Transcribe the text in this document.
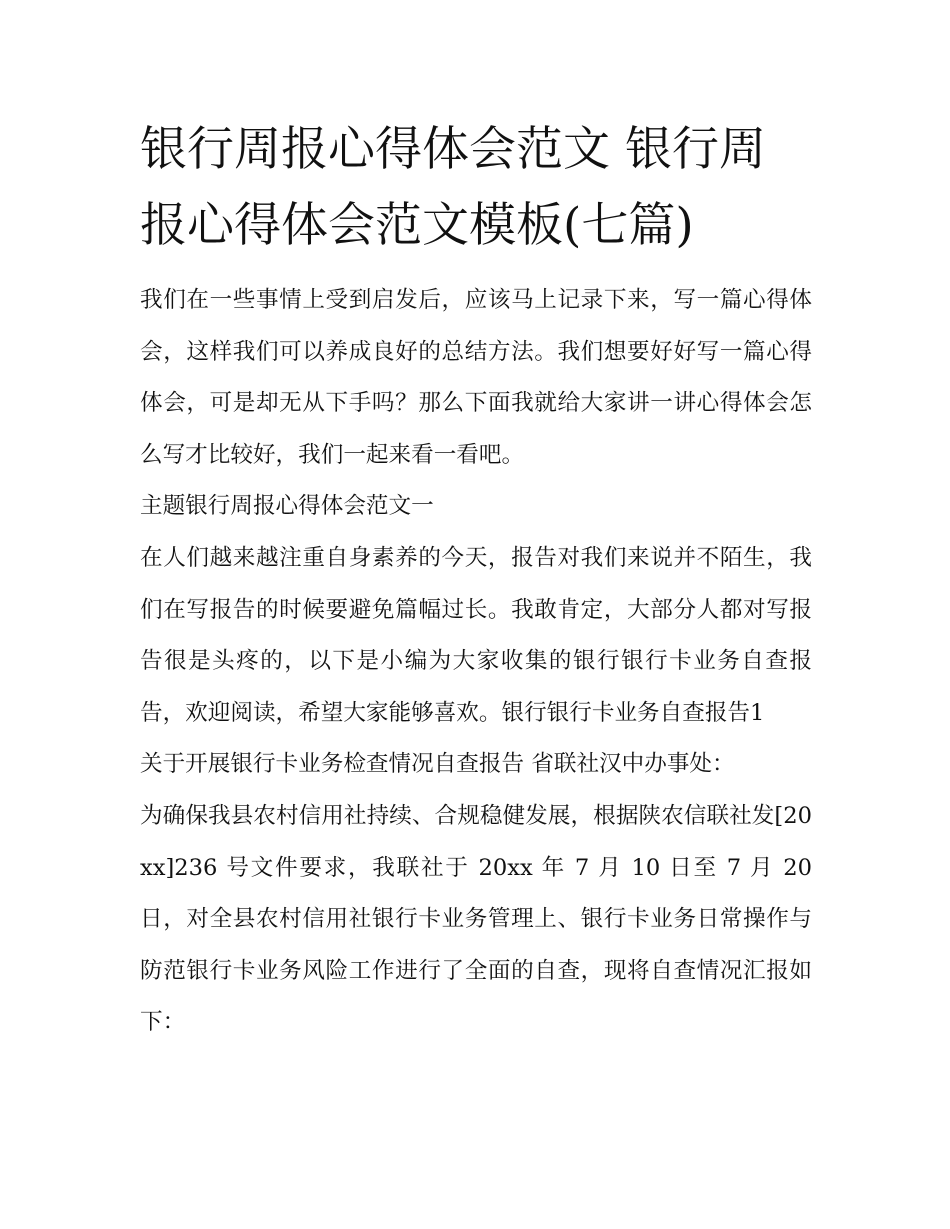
银行周报心得体会范文 银行周报心得体会范文模板(七篇)

我们在一些事情上受到启发后，应该马上记录下来，写一篇心得体会，这样我们可以养成良好的总结方法。我们想要好好写一篇心得体会，可是却无从下手吗？那么下面我就给大家讲一讲心得体会怎么写才比较好，我们一起来看一看吧。

主题银行周报心得体会范文一

在人们越来越注重自身素养的今天，报告对我们来说并不陌生，我们在写报告的时候要避免篇幅过长。我敢肯定，大部分人都对写报告很是头疼的，以下是小编为大家收集的银行银行卡业务自查报告，欢迎阅读，希望大家能够喜欢。银行银行卡业务自查报告1

关于开展银行卡业务检查情况自查报告 省联社汉中办事处：

为确保我县农村信用社持续、合规稳健发展，根据陕农信联社发[20xx]236 号文件要求，我联社于 20xx 年 7 月 10 日至 7 月 20 日，对全县农村信用社银行卡业务管理上、银行卡业务日常操作与防范银行卡业务风险工作进行了全面的自查，现将自查情况汇报如下：
